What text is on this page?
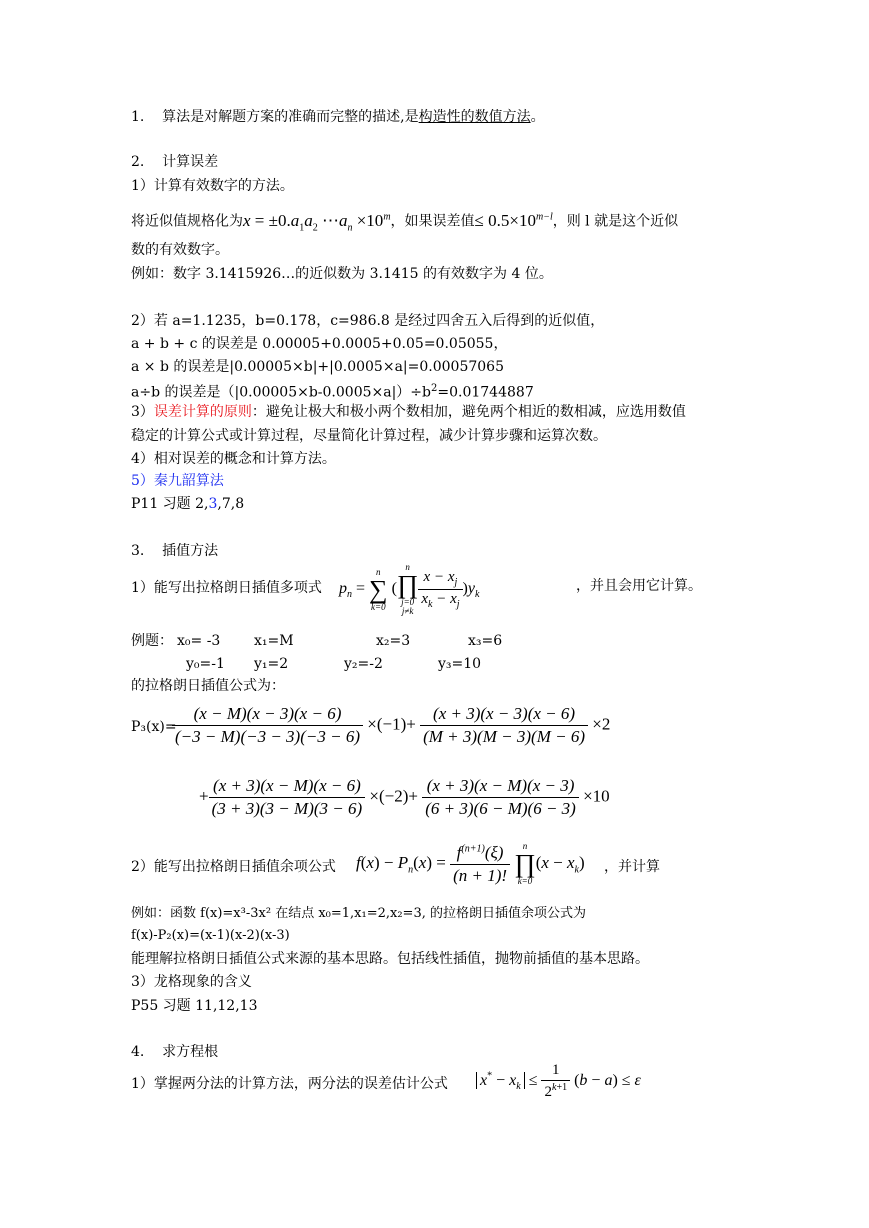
1. 算法是对解题方案的准确而完整的描述,是构造性的数值方法。
2. 计算误差
1）计算有效数字的方法。
将近似值规格化为$x = \pm 0.a_1a_2$ $\cdots a_n \times 10^m$，如果误差值≤ $0.5\times 10^{m-l}$，则 l 就是这个近似
数的有效数字。
例如：数字 3.1415926…的近似数为 3.1415 的有效数字为 4 位。
2）若 a=1.1235，b=0.178，c=986.8 是经过四舍五入后得到的近似值，
a + b + c 的误差是 0.00005+0.0005+0.05=0.05055，
a × b 的误差是|0.00005×b|+|0.0005×a|=0.00057065
a÷b 的误差是$(|0.00005\times b-0.0005\times a|)\div b^2=0.01744887$
3）误差计算的原则：避免让极大和极小两个数相加，避免两个相近的数相减，应选用数值
稳定的计算公式或计算过程，尽量简化计算过程，减少计算步骤和运算次数。
4）相对误差的概念和计算方法。
5）秦九韶算法
P11 习题 2,3,7,8
3. 插值方法
1）能写出拉格朗日插值多项式 $p_n$ =
n
∑
k=0
(
n
∏
j=0
j≠k
$\frac{x - x_j}{x_k - x_j} )y_k$
，并且会用它计算。
例题： x₀= -3 x₁=M	x₂=3	x₃=6
y₀=-1 y₁=2	y₂=-2	y₃=10
的拉格朗日插值公式为：
P₃(x)=
$\frac{(x - M)(x - 3)(x - 6)}{(-3 - M)(-3 - 3)(-3 - 6)} \times(-1)+ \frac{(x + 3)(x - 3)(x - 6)}{(M + 3)(M - 3)(M - 6)} \times 2$
+ $\frac{(x + 3)(x - M)(x - 6)}{(3 + 3)(3 - M)(3 - 6)} \times(-2)+ \frac{(x + 3)(x - M)(x - 3)}{(6 + 3)(6 - M)(6 - 3)} \times 10$
2）能写出拉格朗日插值余项公式 $f(x) - P_n(x) = \frac{f^{(n+1)}(\xi)}{(n + 1)!}$
	n
∏
k=0
$(x - x_k)$ ，并计算
例如：函数 f(x)=x³-3x² 在结点 x₀=1,x₁=2,x₂=3, 的拉格朗日插值余项公式为
f(x)-P₂(x)=(x-1)(x-2)(x-3)
能理解拉格朗日插值公式来源的基本思路。包括线性插值，抛物前插值的基本思路。
3）龙格现象的含义
P55 习题 11,12,13
4. 求方程根
1）掌握两分法的计算方法，两分法的误差估计公式 $x^* - x_k \le \frac{1}{2^{k+1}} (b - a) \le \varepsilon$
